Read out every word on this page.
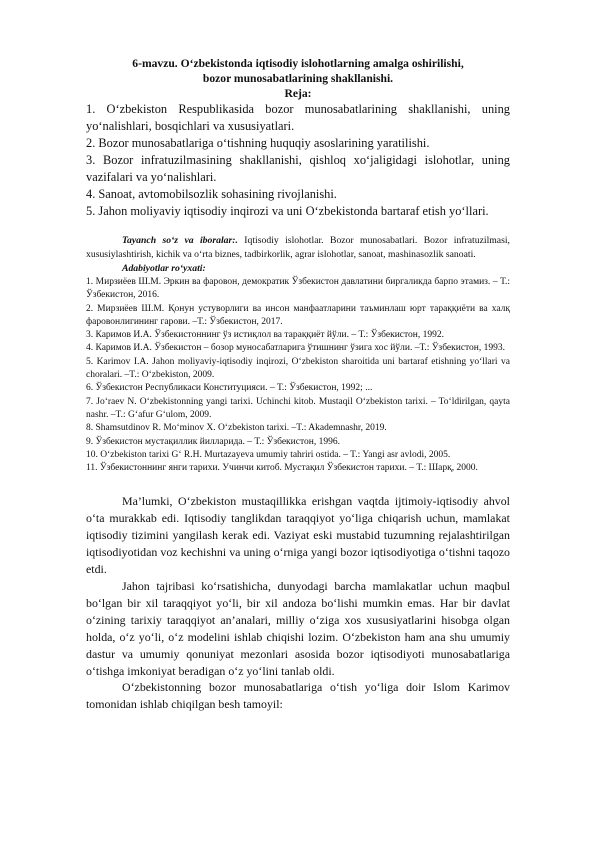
6-mavzu. O‘zbekistonda iqtisodiy islohotlarning amalga oshirilishi,
bozor munosabatlarining shakllanishi.
Reja:

1. O‘zbekiston Respublikasida bozor munosabatlarining shakllanishi, uning yo‘nalishlari, bosqichlari va xususiyatlari.

2. Bozor munosabatlariga o‘tishning huquqiy asoslarining yaratilishi.

3. Bozor infratuzilmasining shakllanishi, qishloq xo‘jaligidagi islohotlar, uning vazifalari va yo‘nalishlari.

4. Sanoat, avtomobilsozlik sohasining rivojlanishi.

5. Jahon moliyaviy iqtisodiy inqirozi va uni O‘zbekistonda bartaraf etish yo‘llari.

Tayanch so‘z va iboralar:. Iqtisodiy islohotlar. Bozor munosabatlari. Bozor infratuzilmasi, xususiylashtirish, kichik va o‘rta biznes, tadbirkorlik, agrar islohotlar, sanoat, mashinasozlik sanoati.
Adabiyotlar ro‘yxati:

1. Мирзиёев Ш.М. Эркин ва фаровон, демократик Ўзбекистон давлатини биргаликда барпо этамиз. – Т.: Ўзбекистон, 2016.

2. Мирзиёев Ш.М. Қонун устуворлиги ва инсон манфаатларини таъминлаш юрт тараққиёти ва халқ фаровонлигининг гарови. –Т.: Ўзбекистон, 2017.

3. Каримов И.А. Ўзбекистоннинг ўз истиқлол ва тараққиёт йўли. – Т.: Ўзбекистон, 1992.

4. Каримов И.А. Ўзбекистон – бозор муносабатларига ўтишнинг ўзига хос йўли. –Т.: Ўзбекистон, 1993.

5. Karimov I.A. Jahon moliyaviy-iqtisodiy inqirozi, O‘zbekiston sharoitida uni bartaraf etishning yo‘llari va choralari. –T.: O‘zbekiston, 2009.

6. Ўзбекистон Республикаси Конституцияси. – Т.: Ўзбекистон, 1992; ...

7. Jo‘raev N. O‘zbekistonning yangi tarixi. Uchinchi kitob. Mustaqil O‘zbekiston tarixi. – To‘ldirilgan, qayta nashr. –T.: G‘afur G‘ulom, 2009.

8. Shamsutdinov R. Mo‘minov X. O‘zbekiston tarixi. –T.: Akademnashr, 2019.

9. Ўзбекистон мустақиллик йилларида. – Т.: Ўзбекистон, 1996.

10. O‘zbekiston tarixi G‘ R.H. Murtazayeva umumiy tahriri ostida. – T.: Yangi asr avlodi, 2005.

11. Ўзбекистоннинг янги тарихи. Учинчи китоб. Мустақил Ўзбекистон тарихи. – Т.: Шарқ, 2000.

Ma’lumki, O‘zbekiston mustaqillikka erishgan vaqtda ijtimoiy-iqtisodiy ahvol o‘ta murakkab edi. Iqtisodiy tanglikdan taraqqiyot yo‘liga chiqarish uchun, mamlakat iqtisodiy tizimini yangilash kerak edi. Vaziyat eski mustabid tuzumning rejalashtirilgan iqtisodiyotidan voz kechishni va uning o‘rniga yangi bozor iqtisodiyotiga o‘tishni taqozo etdi.

Jahon tajribasi ko‘rsatishicha, dunyodagi barcha mamlakatlar uchun maqbul bo‘lgan bir xil taraqqiyot yo‘li, bir xil andoza bo‘lishi mumkin emas. Har bir davlat o‘zining tarixiy taraqqiyot an’analari, milliy o‘ziga xos xususiyatlarini hisobga olgan holda, o‘z yo‘li, o‘z modelini ishlab chiqishi lozim. O‘zbekiston ham ana shu umumiy dastur va umumiy qonuniyat mezonlari asosida bozor iqtisodiyoti munosabatlariga o‘tishga imkoniyat beradigan o‘z yo‘lini tanlab oldi.

O‘zbekistonning bozor munosabatlariga o‘tish yo‘liga doir Islom Karimov tomonidan ishlab chiqilgan besh tamoyil:
